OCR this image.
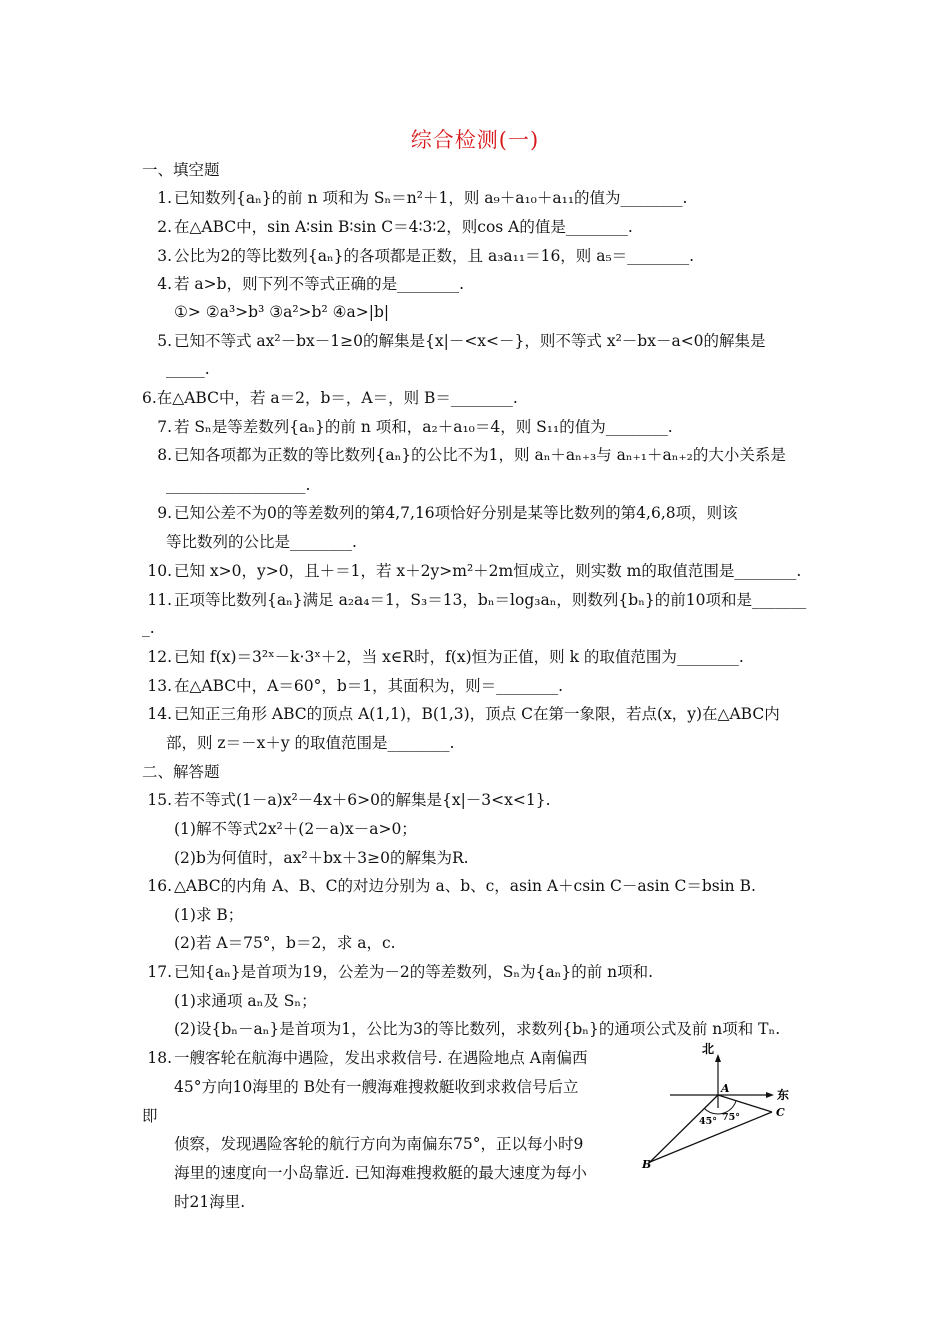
综合检测(一)
一、填空题
1. 已知数列{aₙ}的前 n 项和为 Sₙ＝n²＋1，则 a₉＋a₁₀＋a₁₁的值为________.
2. 在△ABC中，sin A∶sin B∶sin C＝4∶3∶2，则cos A的值是________.
3. 公比为2的等比数列{aₙ}的各项都是正数，且 a₃a₁₁＝16，则 a₅＝________.
4. 若 a>b，则下列不等式正确的是________.
①> ②a³>b³ ③a²>b² ④a>|b|
5. 已知不等式 ax²－bx－1≥0的解集是{x|－<x<－}，则不等式 x²－bx－a<0的解集是
_____.
6.在△ABC中，若 a＝2，b＝，A＝，则 B＝________.
7. 若 Sₙ是等差数列{aₙ}的前 n 项和，a₂＋a₁₀＝4，则 S₁₁的值为________.
8. 已知各项都为正数的等比数列{aₙ}的公比不为1，则 aₙ＋aₙ₊₃与 aₙ₊₁＋aₙ₊₂的大小关系是
__________________.
9. 已知公差不为0的等差数列的第4,7,16项恰好分别是某等比数列的第4,6,8项，则该
等比数列的公比是________.
10. 已知 x>0，y>0，且＋＝1，若 x＋2y>m²＋2m恒成立，则实数 m的取值范围是________.
11. 正项等比数列{aₙ}满足 a₂a₄＝1，S₃＝13，bₙ＝log₃aₙ，则数列{bₙ}的前10项和是_______
_.
12. 已知 f(x)＝3²ˣ－k·3ˣ＋2，当 x∈R时，f(x)恒为正值，则 k 的取值范围为________.
13. 在△ABC中，A＝60°，b＝1，其面积为，则＝________.
14. 已知正三角形 ABC的顶点 A(1,1)，B(1,3)，顶点 C在第一象限，若点(x，y)在△ABC内
部，则 z＝－x＋y 的取值范围是________.
二、解答题
15. 若不等式(1－a)x²－4x＋6>0的解集是{x|－3<x<1}.
(1)解不等式2x²＋(2－a)x－a>0；
(2)b为何值时，ax²＋bx＋3≥0的解集为R.
16. △ABC的内角 A、B、C的对边分别为 a、b、c，asin A＋csin C－asin C＝bsin B.
(1)求 B；
(2)若 A＝75°，b＝2，求 a，c.
17. 已知{aₙ}是首项为19，公差为－2的等差数列，Sₙ为{aₙ}的前 n项和.
(1)求通项 aₙ及 Sₙ；
(2)设{bₙ－aₙ}是首项为1，公比为3的等比数列，求数列{bₙ}的通项公式及前 n项和 Tₙ.
18. 一艘客轮在航海中遇险，发出求救信号. 在遇险地点 A南偏西
45°方向10海里的 B处有一艘海难搜救艇收到求救信号后立
即
侦察，发现遇险客轮的航行方向为南偏东75°，正以每小时9
海里的速度向一小岛靠近. 已知海难搜救艇的最大速度为每小
时21海里.
北
东
A
B
C
45° 75°
